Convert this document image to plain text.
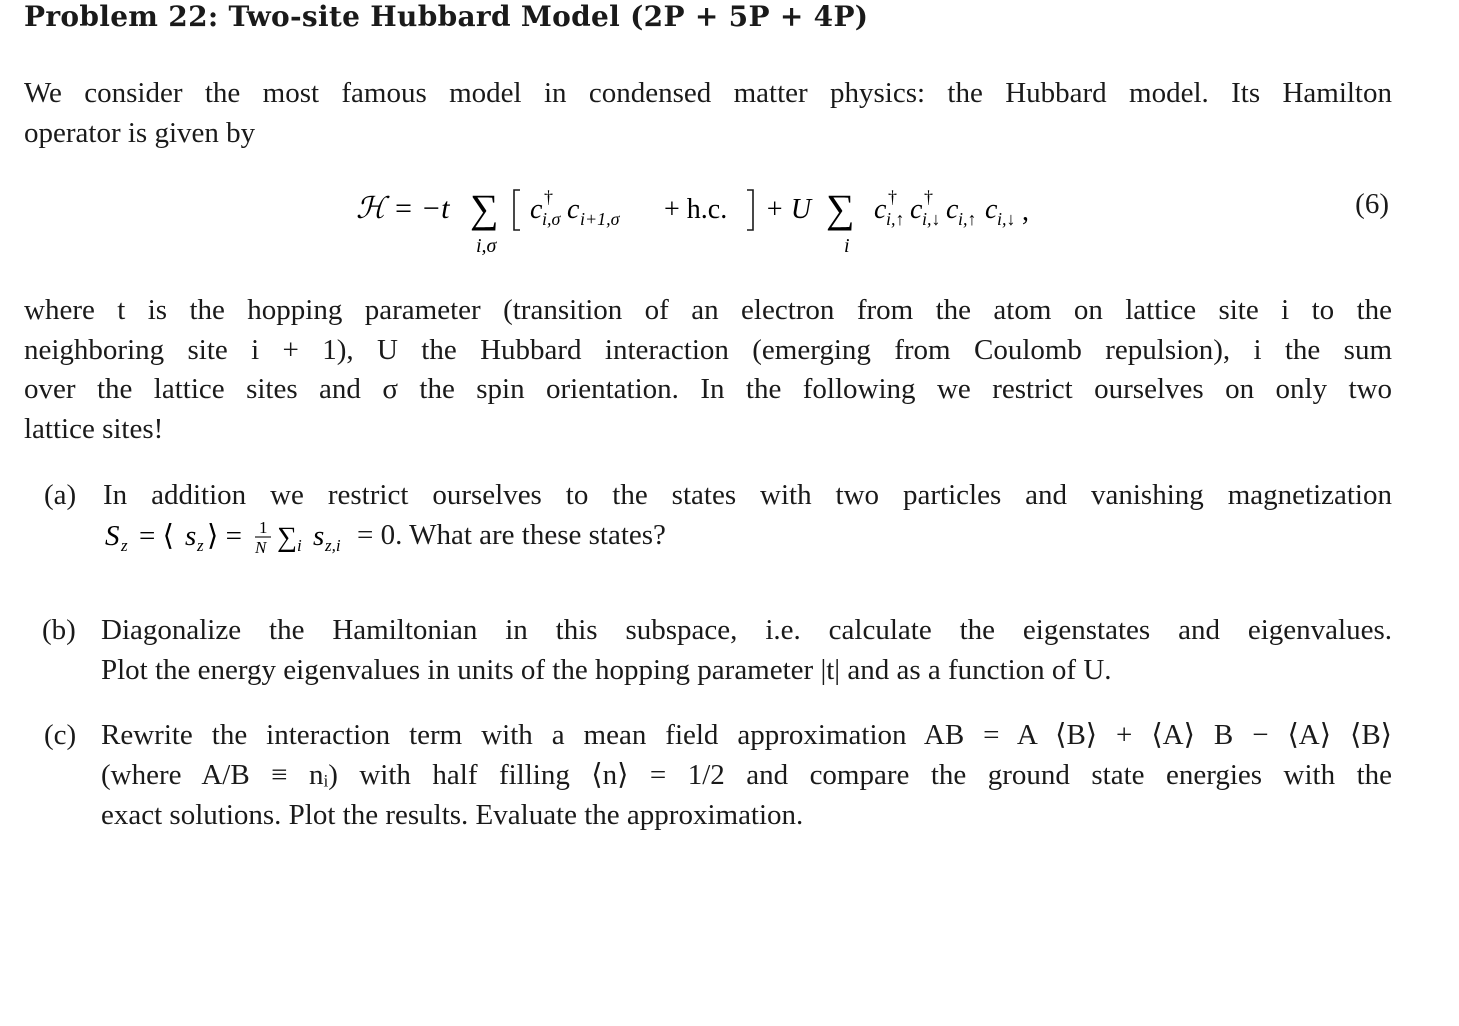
Problem 22: Two-site Hubbard Model (2P + 5P + 4P)
We consider the most famous model in condensed matter physics: the Hubbard model. Its Hamilton
operator is given by
ℋ = −t ∑
i,σ
c †
i,σ c i+1,σ + h.c. + U ∑
i
c †
i,↑ c †
i,↓ c i,↑ c i,↓ ,	(6)
where t is the hopping parameter (transition of an electron from the atom on lattice site i to the
neighboring site i + 1), U the Hubbard interaction (emerging from Coulomb repulsion), i the sum
over the lattice sites and σ the spin orientation. In the following we restrict ourselves on only two
lattice sites!
(a) In addition we restrict ourselves to the states with two particles and vanishing magnetization
S z = ⟨ s z ⟩ = 1
N ∑ i s z,i = 0. What are these states?
(b) Diagonalize the Hamiltonian in this subspace, i.e. calculate the eigenstates and eigenvalues.
Plot the energy eigenvalues in units of the hopping parameter |t| and as a function of U.
(c) Rewrite the interaction term with a mean field approximation AB = A ⟨B⟩ + ⟨A⟩ B − ⟨A⟩ ⟨B⟩
(where A/B ≡ nᵢ) with half filling ⟨n⟩ = 1/2 and compare the ground state energies with the
exact solutions. Plot the results. Evaluate the approximation.
